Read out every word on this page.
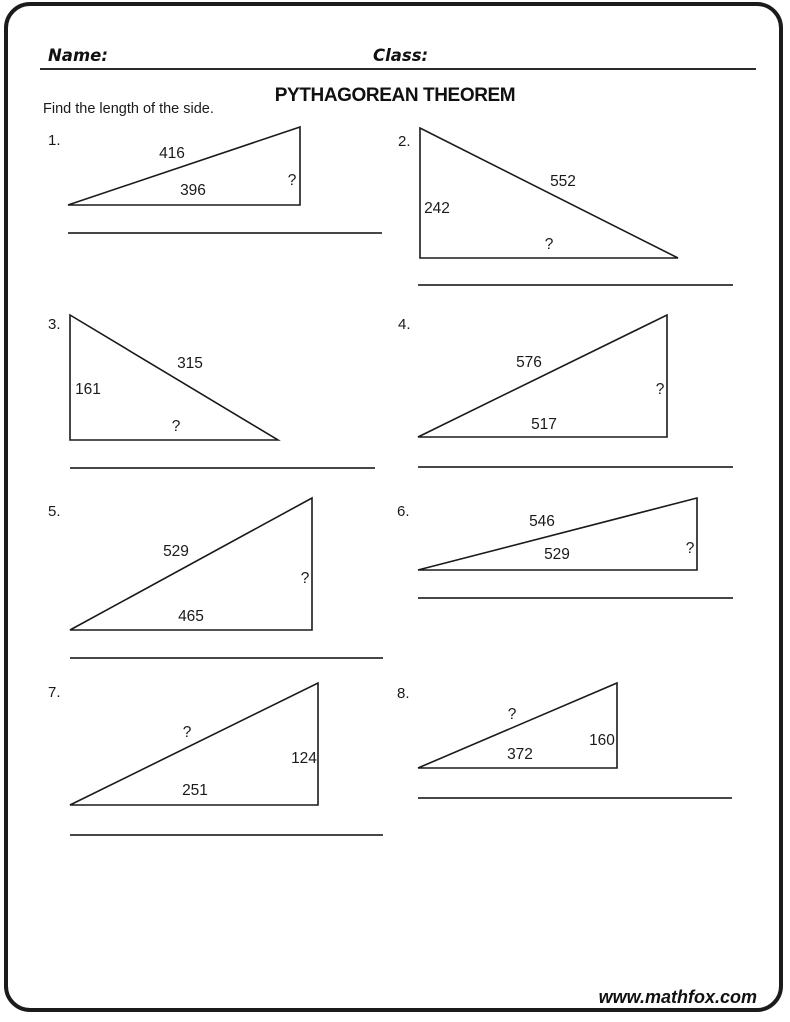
Name:	Class:
PYTHAGOREAN THEOREM
Find the length of the side.
1.	2.
3.	4.
5.	6.
7.	8.
416
396
?
242
552
?
161
315
?
576
517
?
529
465
?
546
529	?
?
251
124
?
372
160
www.mathfox.com
